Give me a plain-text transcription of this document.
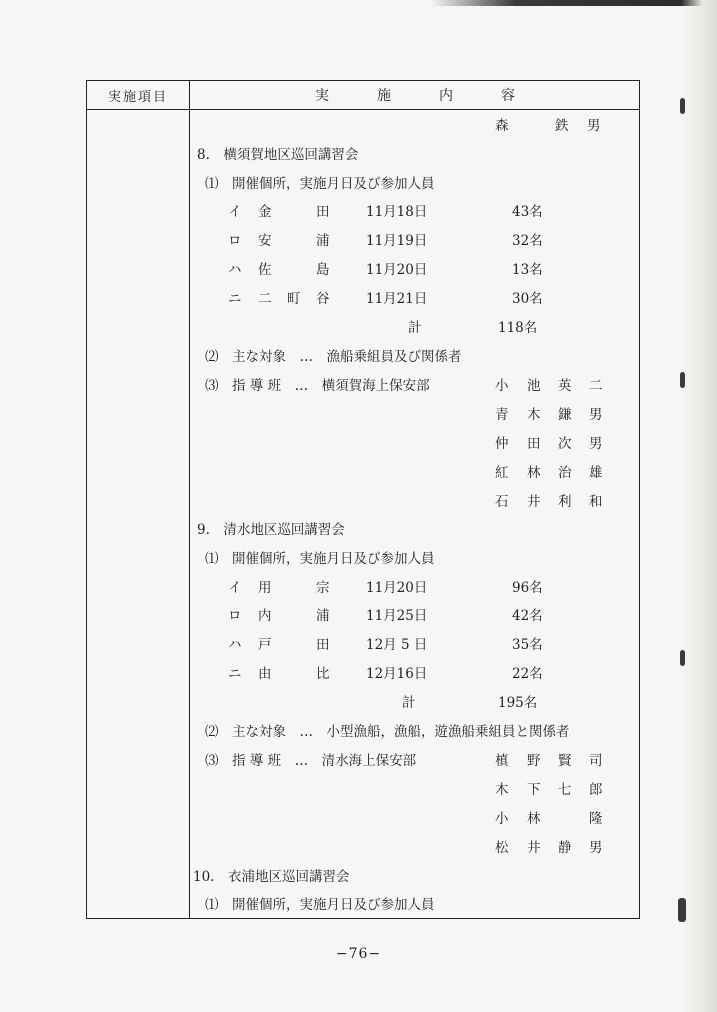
実施項目	実	施	内	容
森	鉄 男
8.　横須賀地区巡回講習会
⑴　開催個所，実施月日及び参加人員
イ 金	田	11月18日	43名
ロ 安	浦	11月19日	32名
ハ 佐	島	11月20日	13名
ニ 二 町 谷	11月21日	30名
計	118名
⑵　主な対象　…　漁船乗組員及び関係者
⑶　指 導 班　…　横須賀海上保安部	小 池 英 二
青 木 鎌 男
仲 田 次 男
紅 林 治 雄
石 井 利 和
9.　清水地区巡回講習会
⑴　開催個所，実施月日及び参加人員
イ 用	宗	11月20日	96名
ロ 内	浦	11月25日	42名
ハ 戸	田	12月 5 日	35名
ニ 由	比	12月16日	22名
計	195名
⑵　主な対象　…　小型漁船，漁船，遊漁船乗組員と関係者
⑶　指 導 班　…　清水海上保安部	槙 野 賢 司
木 下 七 郎
小 林	隆
松 井 静 男
10.　衣浦地区巡回講習会
⑴　開催個所，実施月日及び参加人員
−76−
